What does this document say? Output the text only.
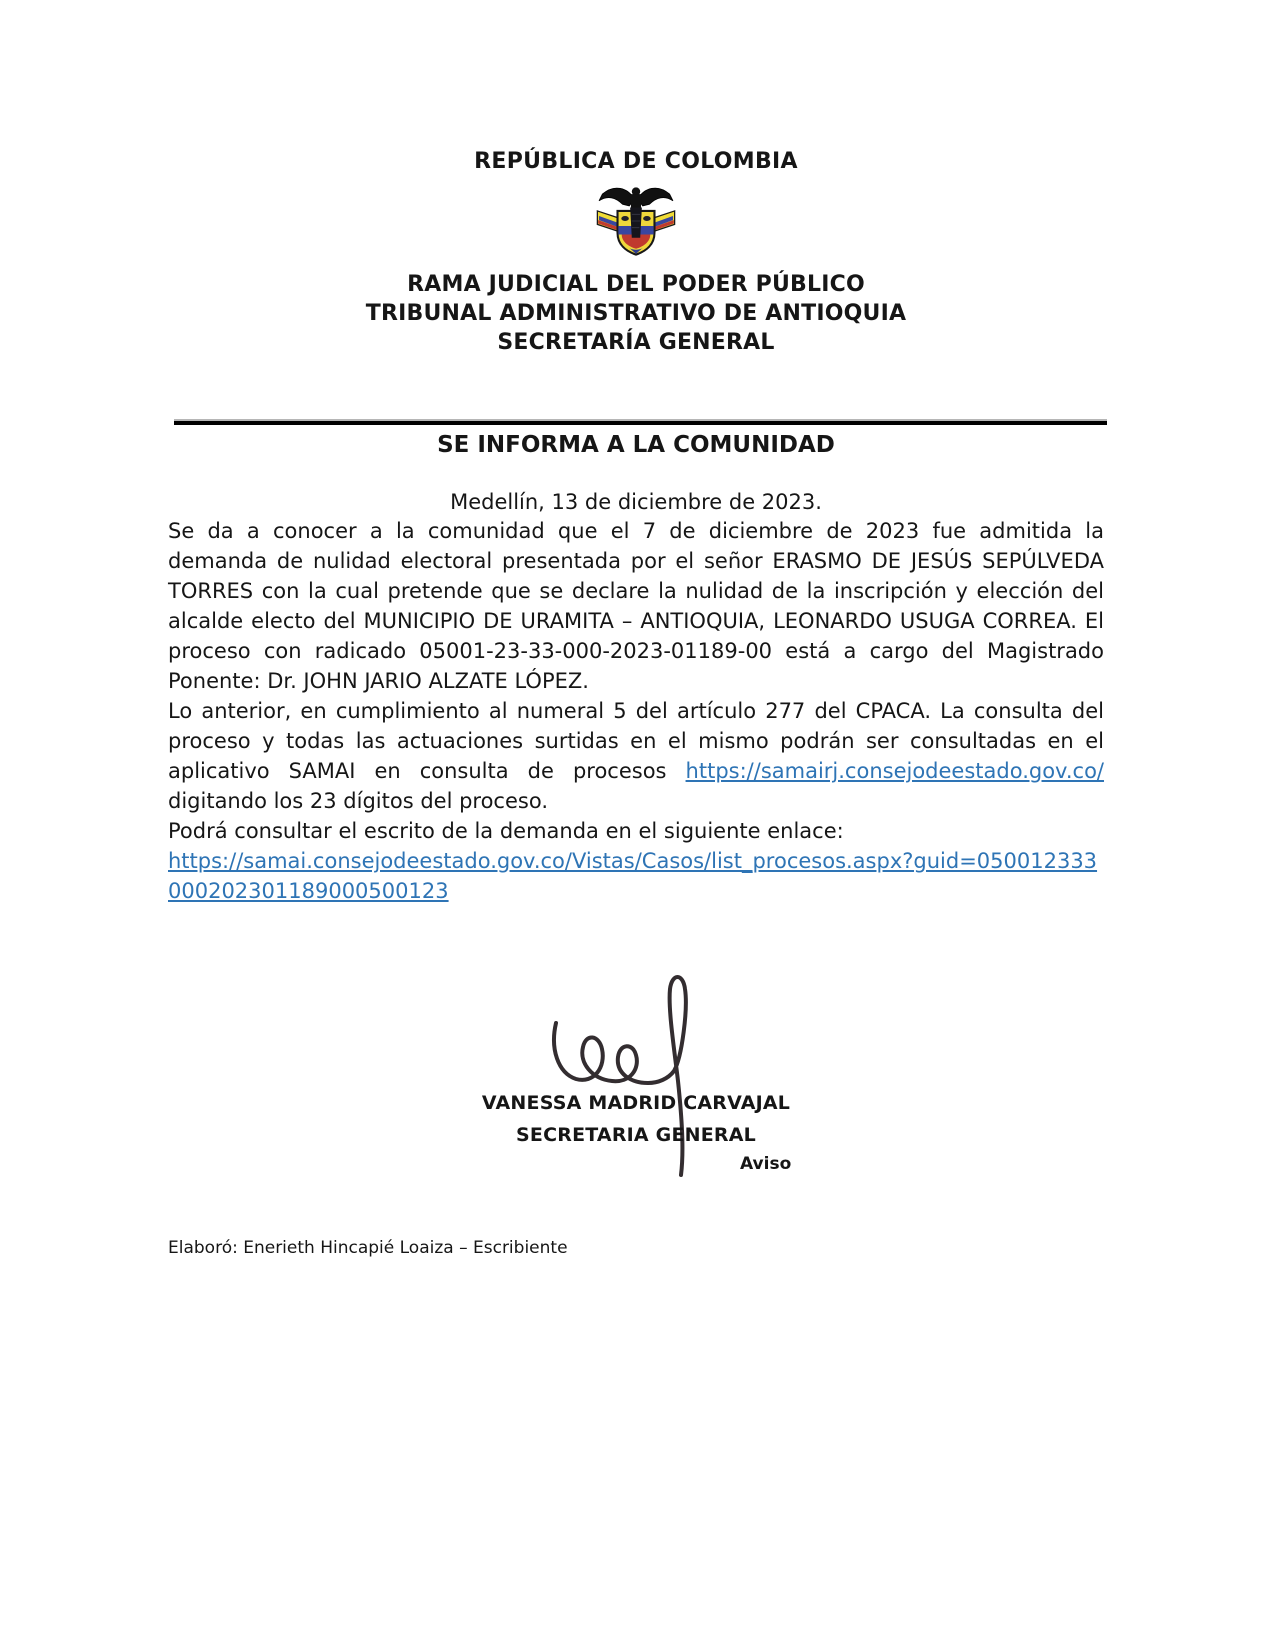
REPÚBLICA DE COLOMBIA
RAMA JUDICIAL DEL PODER PÚBLICO
TRIBUNAL ADMINISTRATIVO DE ANTIOQUIA
SECRETARÍA GENERAL
SE INFORMA A LA COMUNIDAD
Medellín, 13 de diciembre de 2023.

Se da a conocer a la comunidad que el 7 de diciembre de 2023 fue admitida la demanda de nulidad electoral presentada por el señor ERASMO DE JESÚS SEPÚLVEDA TORRES con la cual pretende que se declare la nulidad de la inscripción y elección del alcalde electo del MUNICIPIO DE URAMITA – ANTIOQUIA, LEONARDO USUGA CORREA. El proceso con radicado 05001-23-33-000-2023-01189-00 está a cargo del Magistrado Ponente: Dr. JOHN JARIO ALZATE LÓPEZ.

Lo anterior, en cumplimiento al numeral 5 del artículo 277 del CPACA. La consulta del proceso y todas las actuaciones surtidas en el mismo podrán ser consultadas en el aplicativo SAMAI en consulta de procesos https://samairj.consejodeestado.gov.co/ digitando los 23 dígitos del proceso.

Podrá consultar el escrito de la demanda en el siguiente enlace:

https://samai.consejodeestado.gov.co/Vistas/Casos/list_procesos.aspx?guid=050012333000202301189000500123

VANESSA MADRID CARVAJAL
SECRETARIA GENERAL
Aviso
Elaboró: Enerieth Hincapié Loaiza – Escribiente
